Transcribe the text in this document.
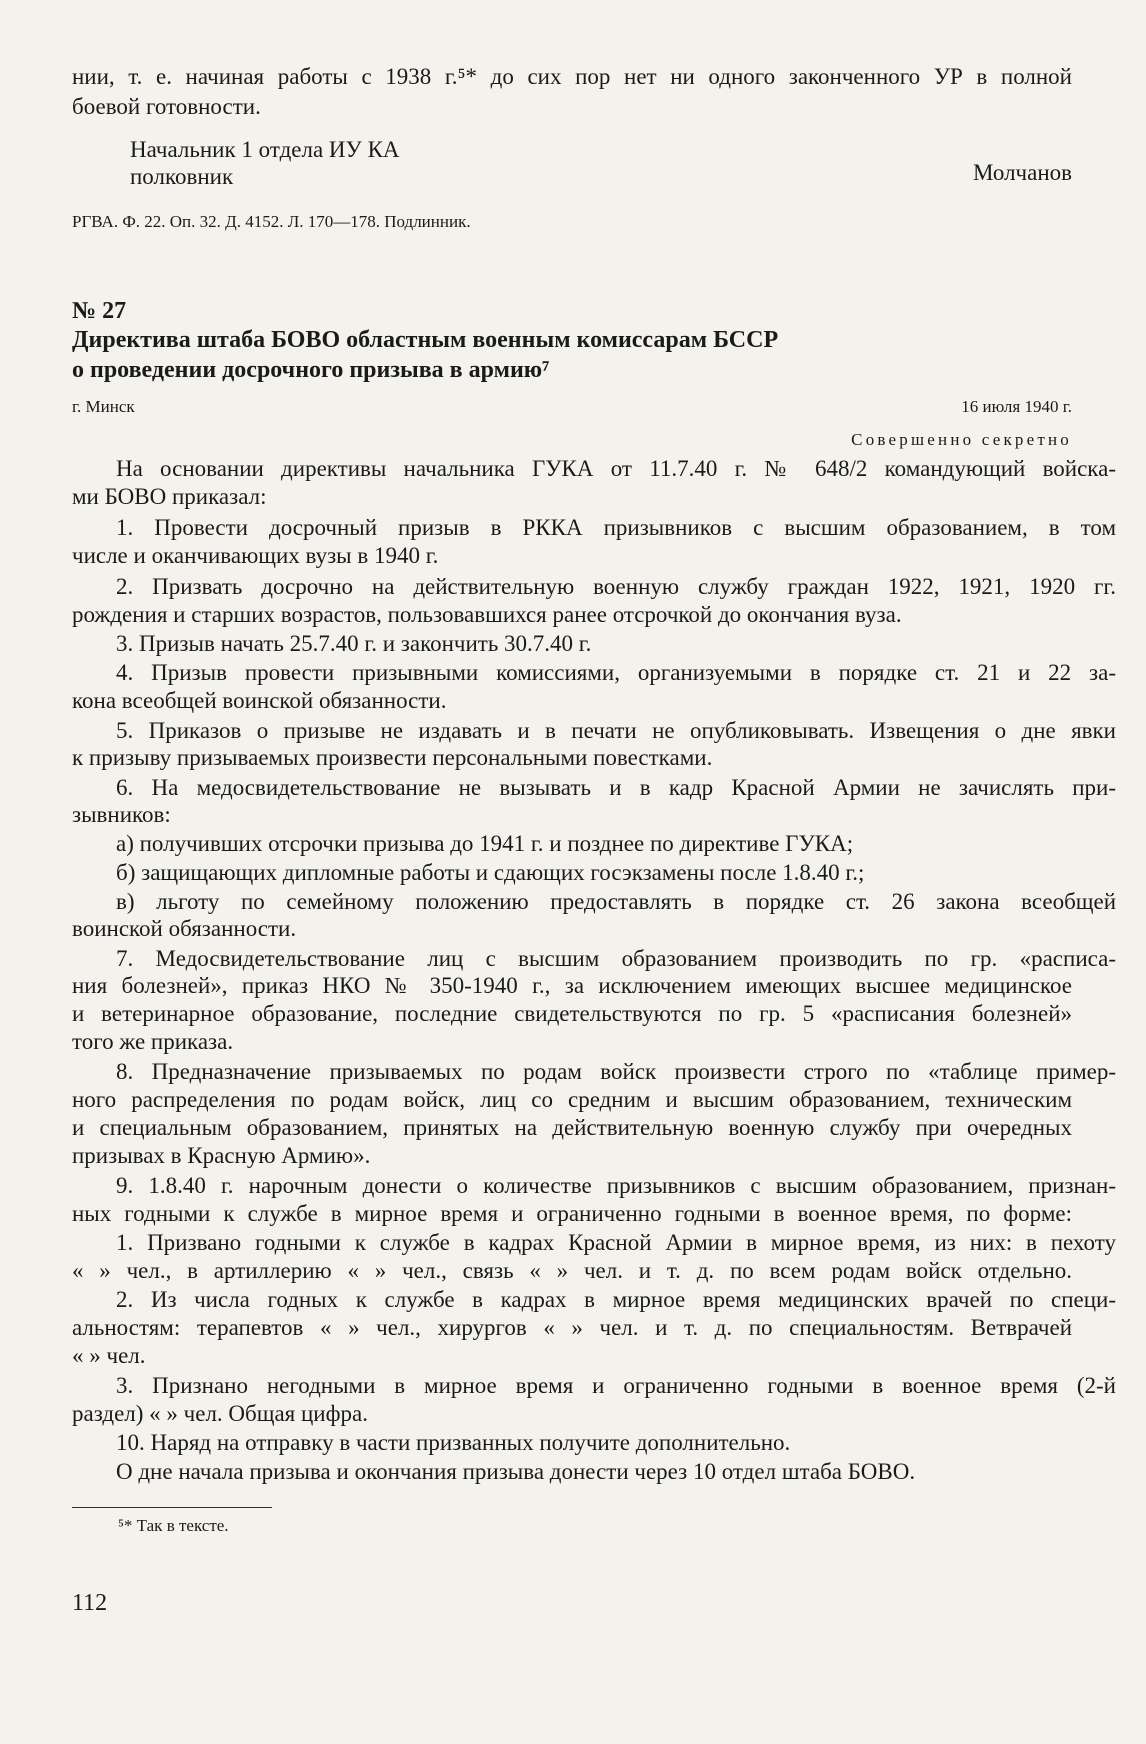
нии, т. е. начиная работы с 1938 г.⁵* до сих пор нет ни одного законченного УР в полной

боевой готовности.

Начальник 1 отдела ИУ КА

полковник	Молчанов

РГВА. Ф. 22. Оп. 32. Д. 4152. Л. 170—178. Подлинник.

№ 27

Директива штаба БОВО областным военным комиссарам БССР

о проведении досрочного призыва в армию⁷

г. Минск	16 июля 1940 г.

Совершенно секретно

На основании директивы начальника ГУКА от 11.7.40 г. № 648/2 командующий войска-

ми БОВО приказал:

1. Провести досрочный призыв в РККА призывников с высшим образованием, в том

числе и оканчивающих вузы в 1940 г.

2. Призвать досрочно на действительную военную службу граждан 1922, 1921, 1920 гг.

рождения и старших возрастов, пользовавшихся ранее отсрочкой до окончания вуза.

3. Призыв начать 25.7.40 г. и закончить 30.7.40 г.

4. Призыв провести призывными комиссиями, организуемыми в порядке ст. 21 и 22 за-

кона всеобщей воинской обязанности.

5. Приказов о призыве не издавать и в печати не опубликовывать. Извещения о дне явки

к призыву призываемых произвести персональными повестками.

6. На медосвидетельствование не вызывать и в кадр Красной Армии не зачислять при-

зывников:

а) получивших отсрочки призыва до 1941 г. и позднее по директиве ГУКА;

б) защищающих дипломные работы и сдающих госэкзамены после 1.8.40 г.;

в) льготу по семейному положению предоставлять в порядке ст. 26 закона всеобщей

воинской обязанности.

7. Медосвидетельствование лиц с высшим образованием производить по гр. «расписа-

ния болезней», приказ НКО № 350-1940 г., за исключением имеющих высшее медицинское

и ветеринарное образование, последние свидетельствуются по гр. 5 «расписания болезней»

того же приказа.

8. Предназначение призываемых по родам войск произвести строго по «таблице пример-

ного распределения по родам войск, лиц со средним и высшим образованием, техническим

и специальным образованием, принятых на действительную военную службу при очередных

призывах в Красную Армию».

9. 1.8.40 г. нарочным донести о количестве призывников с высшим образованием, признан-

ных годными к службе в мирное время и ограниченно годными в военное время, по форме:

1. Призвано годными к службе в кадрах Красной Армии в мирное время, из них: в пехоту

« » чел., в артиллерию « » чел., связь « » чел. и т. д. по всем родам войск отдельно.

2. Из числа годных к службе в кадрах в мирное время медицинских врачей по специ-

альностям: терапевтов « » чел., хирургов « » чел. и т. д. по специальностям. Ветврачей

« » чел.

3. Признано негодными в мирное время и ограниченно годными в военное время (2-й

раздел) « » чел. Общая цифра.

10. Наряд на отправку в части призванных получите дополнительно.

О дне начала призыва и окончания призыва донести через 10 отдел штаба БОВО.

⁵* Так в тексте.

112
